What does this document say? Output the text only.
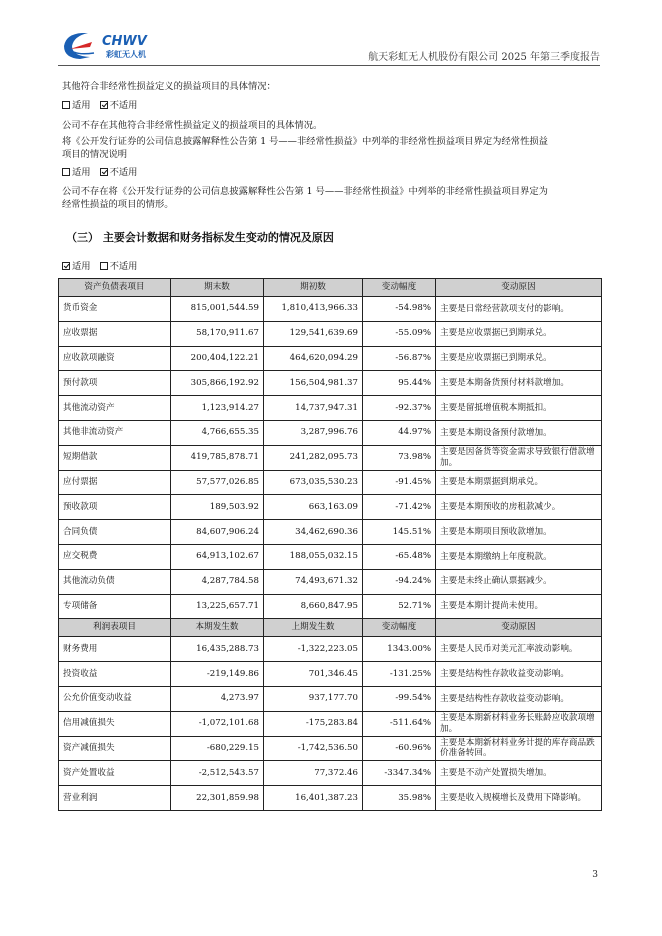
CHWV
彩虹无人机	航天彩虹无人机股份有限公司 2025 年第三季度报告
其他符合非经常性损益定义的损益项目的具体情况：
适用 不适用
公司不存在其他符合非经常性损益定义的损益项目的具体情况。
将《公开发行证券的公司信息披露解释性公告第 1 号——非经常性损益》中列举的非经常性损益项目界定为经常性损益
项目的情况说明
适用 不适用
公司不存在将《公开发行证券的公司信息披露解释性公告第 1 号——非经常性损益》中列举的非经常性损益项目界定为
经常性损益的项目的情形。
（三） 主要会计数据和财务指标发生变动的情况及原因
适用 不适用
资产负债表项目	期末数	期初数	变动幅度	变动原因
货币资金	815,001,544.59	1,810,413,966.33	-54.98%	主要是日常经营款项支付的影响。
应收票据	58,170,911.67	129,541,639.69	-55.09%	主要是应收票据已到期承兑。
应收款项融资	200,404,122.21	464,620,094.29	-56.87%	主要是应收票据已到期承兑。
预付款项	305,866,192.92	156,504,981.37	95.44%	主要是本期备货预付材料款增加。
其他流动资产	1,123,914.27	14,737,947.31	-92.37%	主要是留抵增值税本期抵扣。
其他非流动资产	4,766,655.35	3,287,996.76	44.97%	主要是本期设备预付款增加。
短期借款	419,785,878.71	241,282,095.73	73.98%	主要是因备货等资金需求导致银行借款增加。
应付票据	57,577,026.85	673,035,530.23	-91.45%	主要是本期票据到期承兑。
预收款项	189,503.92	663,163.09	-71.42%	主要是本期预收的房租款减少。
合同负债	84,607,906.24	34,462,690.36	145.51%	主要是本期项目预收款增加。
应交税费	64,913,102.67	188,055,032.15	-65.48%	主要是本期缴纳上年度税款。
其他流动负债	4,287,784.58	74,493,671.32	-94.24%	主要是未终止确认票据减少。
专项储备	13,225,657.71	8,660,847.95	52.71%	主要是本期计提尚未使用。
利润表项目	本期发生数	上期发生数	变动幅度	变动原因
财务费用	16,435,288.73	-1,322,223.05	1343.00%	主要是人民币对美元汇率波动影响。
投资收益	-219,149.86	701,346.45	-131.25%	主要是结构性存款收益变动影响。
公允价值变动收益	4,273.97	937,177.70	-99.54%	主要是结构性存款收益变动影响。
信用减值损失	-1,072,101.68	-175,283.84	-511.64%	主要是本期新材料业务长账龄应收款项增加。
资产减值损失	-680,229.15	-1,742,536.50	-60.96%	主要是本期新材料业务计提的库存商品跌价准备转回。
资产处置收益	-2,512,543.57	77,372.46	-3347.34%	主要是不动产处置损失增加。
营业利润	22,301,859.98	16,401,387.23	35.98%	主要是收入规模增长及费用下降影响。
3
